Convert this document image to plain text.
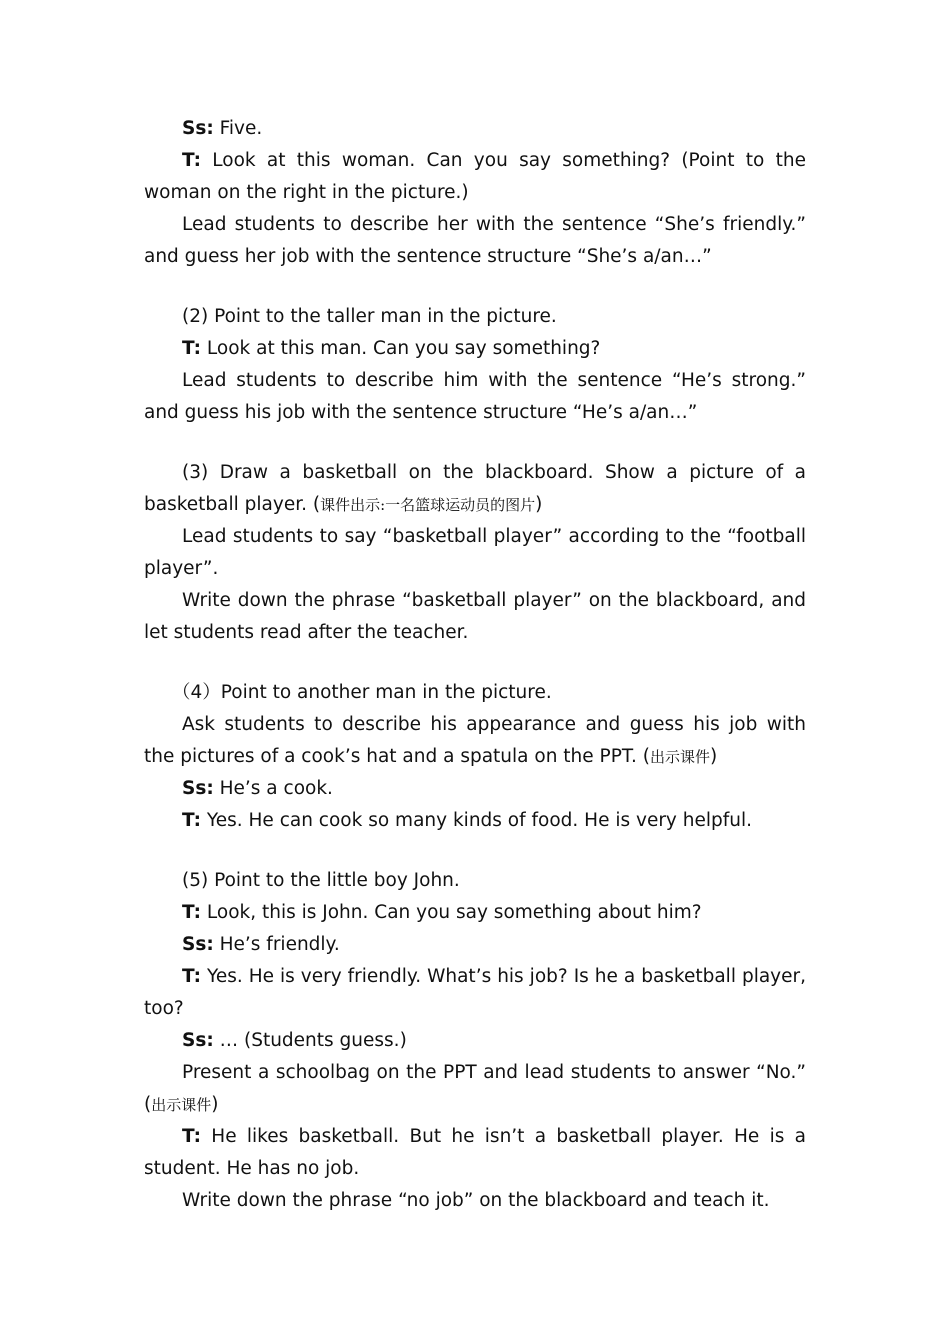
Ss: Five.

T: Look at this woman. Can you say something? (Point to the woman on the right in the picture.)

Lead students to describe her with the sentence “She’s friendly.” and guess her job with the sentence structure “She’s a/an…”

(2) Point to the taller man in the picture.

T: Look at this man. Can you say something?

Lead students to describe him with the sentence “He’s strong.” and guess his job with the sentence structure “He’s a/an…”

(3) Draw a basketball on the blackboard. Show a picture of a basketball player. (课件出示:一名篮球运动员的图片)

Lead students to say “basketball player” according to the “football player”.

Write down the phrase “basketball player” on the blackboard, and let students read after the teacher.

（4）Point to another man in the picture.

Ask students to describe his appearance and guess his job with the pictures of a cook’s hat and a spatula on the PPT. (出示课件)

Ss: He’s a cook.

T: Yes. He can cook so many kinds of food. He is very helpful.

(5) Point to the little boy John.

T: Look, this is John. Can you say something about him?

Ss: He’s friendly.

T: Yes. He is very friendly. What’s his job? Is he a basketball player, too?

Ss: … (Students guess.)

Present a schoolbag on the PPT and lead students to answer “No.” (出示课件)

T: He likes basketball. But he isn’t a basketball player. He is a student. He has no job.

Write down the phrase “no job” on the blackboard and teach it.
